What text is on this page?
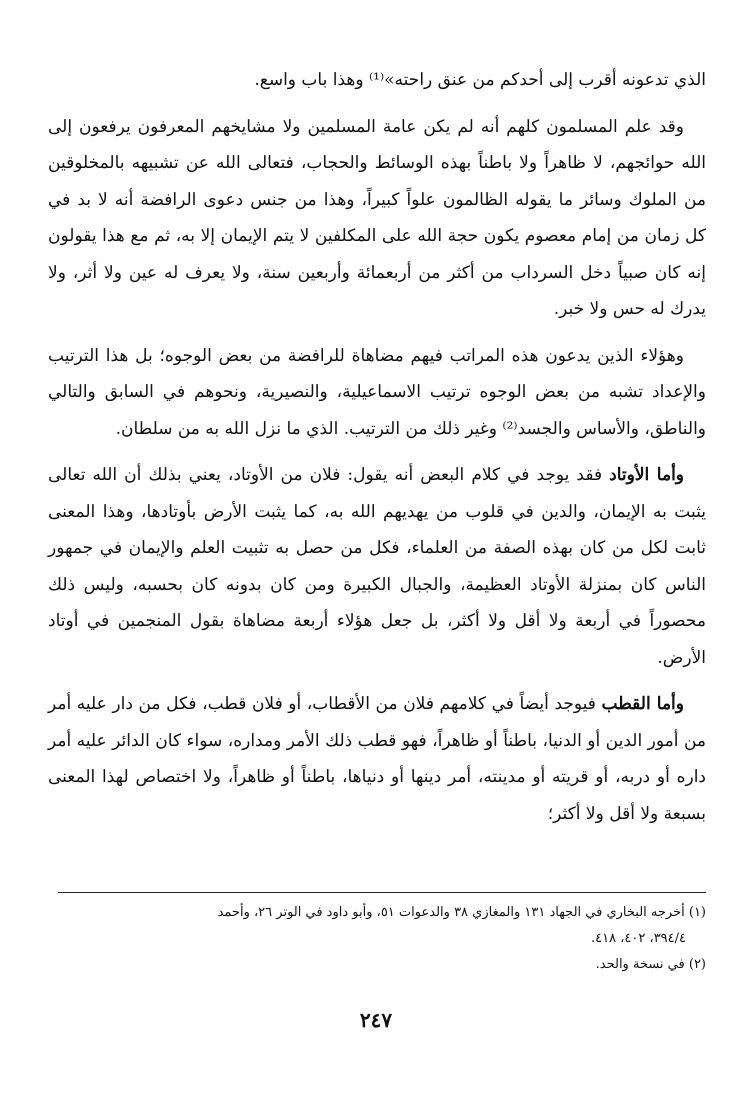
الذي تدعونه أقرب إلى أحدكم من عنق راحته»⁽¹⁾ وهذا باب واسع.

وقد علم المسلمون كلهم أنه لم يكن عامة المسلمين ولا مشايخهم المعرفون يرفعون إلى الله حوائجهم، لا ظاهراً ولا باطناً بهذه الوسائط والحجاب، فتعالى الله عن تشبيهه بالمخلوقين من الملوك وسائر ما يقوله الظالمون علواً كبيراً، وهذا من جنس دعوى الرافضة أنه لا بد في كل زمان من إمام معصوم يكون حجة الله على المكلفين لا يتم الإيمان إلا به، ثم مع هذا يقولون إنه كان صبياً دخل السرداب من أكثر من أربعمائة وأربعين سنة، ولا يعرف له عين ولا أثر، ولا يدرك له حس ولا خبر.

وهؤلاء الذين يدعون هذه المراتب فيهم مضاهاة للرافضة من بعض الوجوه؛ بل هذا الترتيب والإعداد تشبه من بعض الوجوه ترتيب الاسماعيلية، والنصيرية، ونحوهم في السابق والتالي والناطق، والأساس والجسد⁽²⁾ وغير ذلك من الترتيب. الذي ما نزل الله به من سلطان.

وأما الأوتاد فقد يوجد في كلام البعض أنه يقول: فلان من الأوتاد، يعني بذلك أن الله تعالى يثبت به الإيمان، والدين في قلوب من يهديهم الله به، كما يثبت الأرض بأوتادها، وهذا المعنى ثابت لكل من كان بهذه الصفة من العلماء، فكل من حصل به تثبيت العلم والإيمان في جمهور الناس كان بمنزلة الأوتاد العظيمة، والجبال الكبيرة ومن كان بدونه كان بحسبه، وليس ذلك محصوراً في أربعة ولا أقل ولا أكثر، بل جعل هؤلاء أربعة مضاهاة بقول المنجمين في أوتاد الأرض.

وأما القطب فيوجد أيضاً في كلامهم فلان من الأقطاب، أو فلان قطب، فكل من دار عليه أمر من أمور الدين أو الدنيا، باطناً أو ظاهراً، فهو قطب ذلك الأمر ومداره، سواء كان الدائر عليه أمر داره أو دربه، أو قريته أو مدينته، أمر دينها أو دنياها، باطناً أو ظاهراً، ولا اختصاص لهذا المعنى بسبعة ولا أقل ولا أكثر؛

(١) أخرجه البخاري في الجهاد ١٣١ والمغازي ٣٨ والدعوات ٥١، وأبو داود في الوتر ٢٦، وأحمد

٣٩٤/٤، ٤٠٢، ٤١٨.

(٢) في نسخة والحد.

٢٤٧
